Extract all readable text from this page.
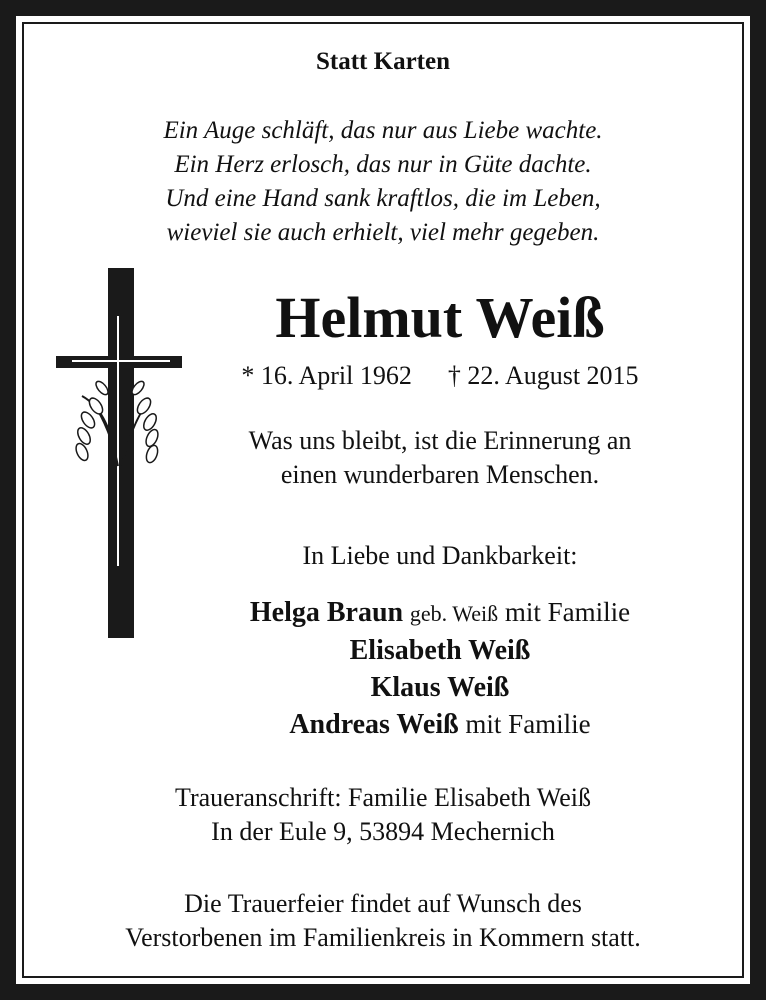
Statt Karten
Ein Auge schläft, das nur aus Liebe wachte.
Ein Herz erlosch, das nur in Güte dachte.
Und eine Hand sank kraftlos, die im Leben,
wieviel sie auch erhielt, viel mehr gegeben.
Helmut Weiß
* 16. April 1962 † 22. August 2015
Was uns bleibt, ist die Erinnerung an
einen wunderbaren Menschen.
In Liebe und Dankbarkeit:
Helga Braun geb. Weiß mit Familie
Elisabeth Weiß
Klaus Weiß
Andreas Weiß mit Familie
Traueranschrift: Familie Elisabeth Weiß
In der Eule 9, 53894 Mechernich
Die Trauerfeier findet auf Wunsch des
Verstorbenen im Familienkreis in Kommern statt.
